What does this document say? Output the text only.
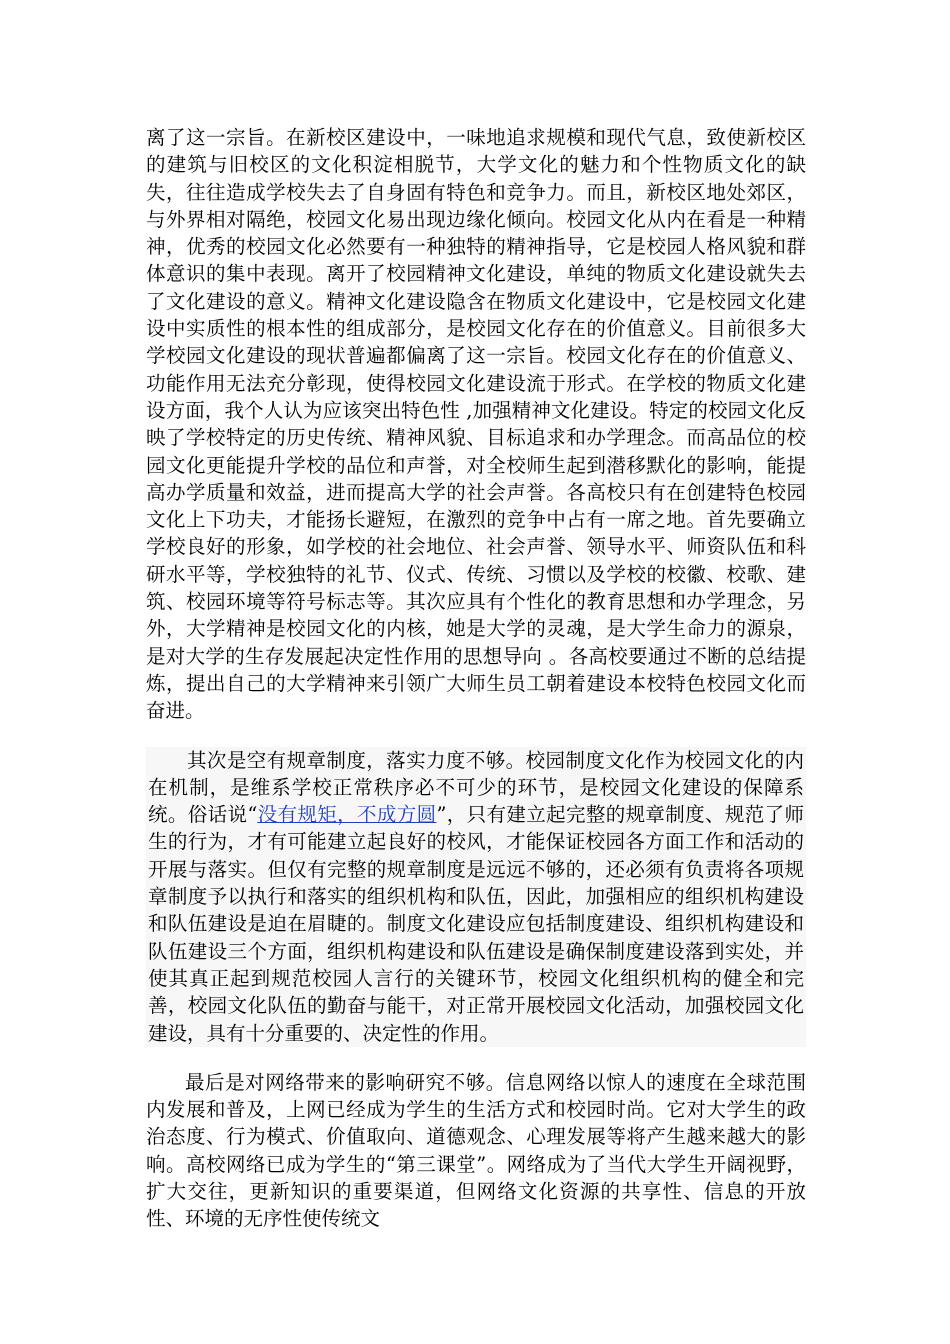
离了这一宗旨。在新校区建设中，一味地追求规模和现代气息，致使新校区的建筑与旧校区的文化积淀相脱节，大学文化的魅力和个性物质文化的缺失，往往造成学校失去了自身固有特色和竞争力。而且，新校区地处郊区，与外界相对隔绝，校园文化易出现边缘化倾向。校园文化从内在看是一种精神，优秀的校园文化必然要有一种独特的精神指导，它是校园人格风貌和群体意识的集中表现。离开了校园精神文化建设，单纯的物质文化建设就失去了文化建设的意义。精神文化建设隐含在物质文化建设中，它是校园文化建设中实质性的根本性的组成部分，是校园文化存在的价值意义。目前很多大学校园文化建设的现状普遍都偏离了这一宗旨。校园文化存在的价值意义、功能作用无法充分彰现，使得校园文化建设流于形式。在学校的物质文化建设方面，我个人认为应该突出特色性 ,加强精神文化建设。特定的校园文化反映了学校特定的历史传统、精神风貌、目标追求和办学理念。而高品位的校园文化更能提升学校的品位和声誉，对全校师生起到潜移默化的影响，能提高办学质量和效益，进而提高大学的社会声誉。各高校只有在创建特色校园文化上下功夫，才能扬长避短，在激烈的竞争中占有一席之地。首先要确立学校良好的形象，如学校的社会地位、社会声誉、领导水平、师资队伍和科研水平等，学校独特的礼节、仪式、传统、习惯以及学校的校徽、校歌、建筑、校园环境等符号标志等。其次应具有个性化的教育思想和办学理念，另外，大学精神是校园文化的内核，她是大学的灵魂，是大学生命力的源泉，是对大学的生存发展起决定性作用的思想导向 。各高校要通过不断的总结提炼，提出自己的大学精神来引领广大师生员工朝着建设本校特色校园文化而奋进。

其次是空有规章制度，落实力度不够。校园制度文化作为校园文化的内在机制，是维系学校正常秩序必不可少的环节，是校园文化建设的保障系统。俗话说“没有规矩，不成方圆”，只有建立起完整的规章制度、规范了师生的行为，才有可能建立起良好的校风，才能保证校园各方面工作和活动的开展与落实。但仅有完整的规章制度是远远不够的，还必须有负责将各项规章制度予以执行和落实的组织机构和队伍，因此，加强相应的组织机构建设和队伍建设是迫在眉睫的。制度文化建设应包括制度建设、组织机构建设和队伍建设三个方面，组织机构建设和队伍建设是确保制度建设落到实处，并使其真正起到规范校园人言行的关键环节，校园文化组织机构的健全和完善，校园文化队伍的勤奋与能干，对正常开展校园文化活动，加强校园文化建设，具有十分重要的、决定性的作用。

最后是对网络带来的影响研究不够。信息网络以惊人的速度在全球范围内发展和普及，上网已经成为学生的生活方式和校园时尚。它对大学生的政治态度、行为模式、价值取向、道德观念、心理发展等将产生越来越大的影响。高校网络已成为学生的“第三课堂”。网络成为了当代大学生开阔视野，扩大交往，更新知识的重要渠道，但网络文化资源的共享性、信息的开放性、环境的无序性使传统文
